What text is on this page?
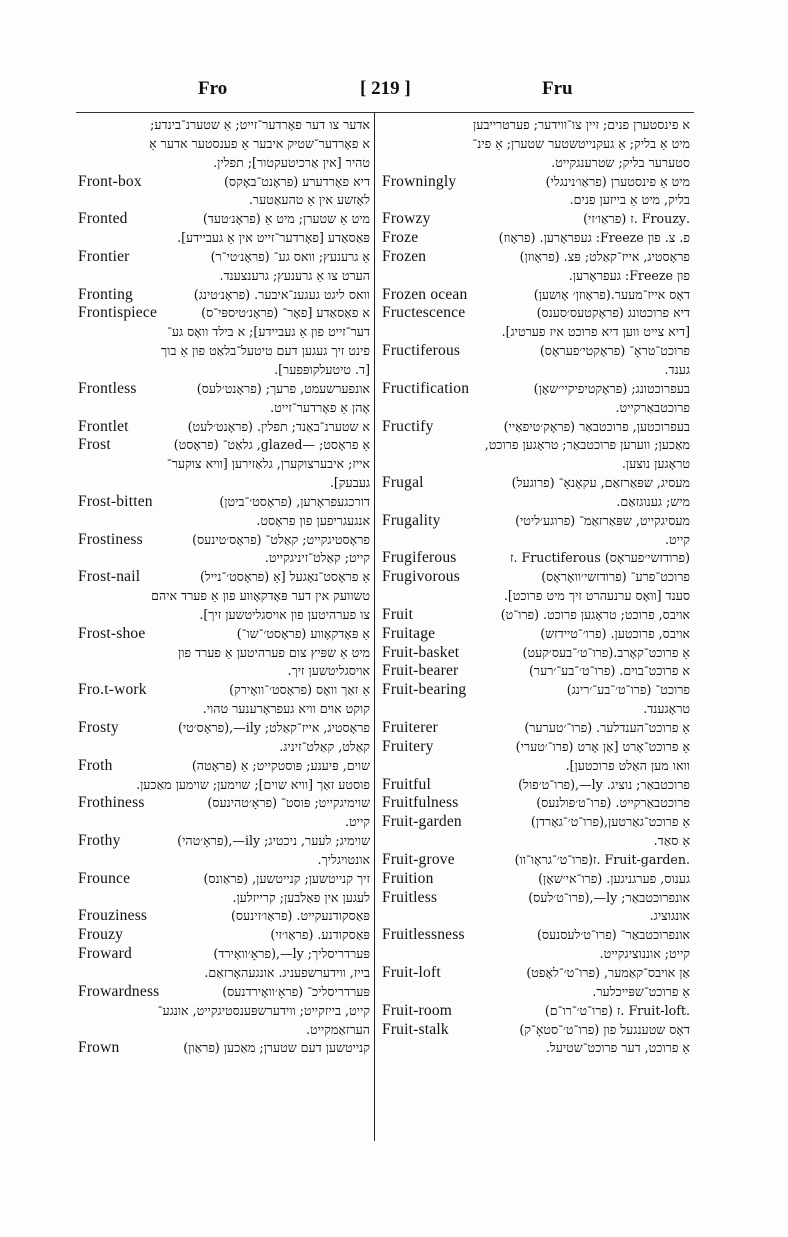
Fro	[ 219 ]	Fru
אדער צו דער פאָרדער־זייט; אַ שטערנ־בינדע;
א פאָרדער־שטיק איבער אַ פענסטער אדער אַ
טהיר [אין אַרכיטעקטור]; תפלין.
Front-box	דיא פאָרדערע (פראָנט־באָקס)
לאָזשע אין אַ טהעאַטער.
Fronted	מיט אַ שטערן; מיט אַ (פראָנ׳טעד)
פּאַסאַדע [פאָרדער־זייט אין אַ געביידע].
Frontier	אַ גרענעץ; וואס גע־ (פראָנ׳טי־ר)
הערט צו אַ גרענעץ; גרענצענד.
Fronting	וואס ליגט געגענ־איבער. (פראָנ׳טינג)
Frontispiece	א פאַסאַדע [פאָר־ (פראָנ׳טיספּי־ס)
דער־זייט פון אַ געביידע]; א בילד וואָס גע־
פינט זיך געגען דעם טיטעל־בלאַט פון אַ בוך
[ד. טיטעלקופּפער].
Frontless	אונפערשעמט, פרעך; (פראָנט׳לעס)
אָהן אַ פאָרדער־זייט.
Frontlet	א שטערנ־באַנד; תפלין. (פראָנט׳לעט)
Frost	אַ פראָסט; —glazed, גלאַט־ (פראָסט)
אייז; איבערצוקערן, גלאַזירען [וויא צוקער־
געבעק].
Frost-bitten	דורכגעפראָרען, (פראָסט׳־ביטן)
אנגעגריפען פון פראָסט.
Frostiness	פראָסטיגקייט; קאַלט־ (פראָס׳טינעס)
קייט; קאַלט־זיניגקייט.
Frost-nail	אַ פראָסט־נאָגעל [אַ (פראָסט׳־נייל)
טשוועק אין דער פּאָדקאָווע פון אַ פערד איהם
צו פערהיטען פון אויסגליטשען זיך].
Frost-shoe	אַ פּאָדקאָווע (פראָסט׳־שו־)
מיט אַ שפּיץ צום פערהיטען אַ פערד פון
אויסגליטשען זיך.
Fro.t-work	אַ זאַך וואָס (פראָסט׳־וואָירק)
קוקט אוים וויא געפראָרענער טהוי.
Frosty	פראָסטיג, אייז־קאַלט; ily—,(פראָס׳טי)
קאַלט, קאַלט־זיניג.
Froth	שוים, פּיענע; פּוסטקייט; אַ (פראָטה)
פוסטע זאַך [וויא שוים]; שוימען; שוימען מאַכען.
Frothiness	שוימיגקייט; פּוסט־ (פראָ׳טהינעס)
קייט.
Frothy	שוימיג; לעער, ניכטיג; ily—,(פראָ׳טהי)
אונטויגליך.
Frounce	זיך קנייטשען; קנייטשען, (פראַונס)
לעגען אין פאַלבען; קרייזלען.
Frouziness	פּאַסקודנעקייט. (פראַו׳זינעס)
Frouzy	פּאַסקודנע. (פראַו׳זי)
Froward	פּערדריסליך; ly—,(פראָ׳וואָירד)
בייז, ווידערשפעניג. אונגעהאָרזאַם.
Frowardness	פּערדריסליכ־ (פראָ׳וואָירדנעס)
קייט, בייזקייט; ווידערשפּענסטיגקייט, אונגע־
הערזאַמקייט.
Frown	קנייטשען דעם שטערן; מאַכען (פראַון)
א פינסטערן פנים; זיין צו־ווידער; פערטרייבען
מיט אַ בליק; אַ געקנייטשטער שטערן; אַ פינ־
סטערער בליק; שטרענגקייט.
Frowningly	מיט אַ פינסטערן (פראַו׳נינגלי)
בליק, מיט אַ בייזען פנים.
Frowzy	.Frouzy .ז (פראַו׳זי)
Froze	פ. צ. פון Freeze: געפראָרען. (פראָוז)
Frozen	פראָסטיג, אייז־קאַלט; פּצ. (פראָוזן)
פון Freeze: געפראָרען.
Frozen ocean	דאָס אייז־מעער.(פראָוזן׳ אָושען)
Fructescence	דיא פרוכטונג (פראָקטעס׳סענס)
[דיא צייט ווען דיא פרוכט איז פערטיג].
Fructiferous	פרוכט־טראָ־ (פראָקטי׳פעראָס)
גענד.
Fructification	בעפרוכטונג; (פראָקטיפיקיי׳שאָן)
פרוכטבאַרקייט.
Fructify	בעפרוכטען, פרוכטבאַר (פראָק׳טיפאַיי)
מאַכען; ווערען פרוכטבאַר; טראָגען פרוכט,
טראָגען נוצען.
Frugal	מעסיג, שפּאַרזאַם, עקאָנאָ־ (פרוגעל)
מיש; גענוגזאַם.
Frugality	מעסיגקייט, שפּאַרזאַמ־ (פרוגע׳ליטי)
קייט.
Frugiferous	(פרודזשי׳פעראָס) Fructiferous .ז
Frugivorous	פרוכט־פרע־ (פרודזשי׳וואָראָס)
סענד [וואָס ערנעהרט זיך מיט פרוכט].
Fruit	אויבס, פרוכט; טראָגען פרוכט. (פרו־ט)
Fruitage	אויבס, פרוכטען. (פרו׳־טיידזש)
Fruit-basket	אַ פרוכט־קאָרב.(פרו־ט׳־בעס׳קעט)
Fruit-bearer	א פרוכט־בוים. (פרו־ט׳־בע־׳רער)
Fruit-bearing	פרוכט־ (פרו־ט׳־בע־׳רינג)
טראָגענד.
Fruiterer	אַ פרוכט־הענדלער. (פרו־׳טערער)
Fruitery	אַ פרוכט־אָרט [אַן אָרט (פרו־׳טערי)
וואו מען האַלט פרוכטען].
Fruitful	פרוכטבאַר; נוציג. ly—,(פרו־ט׳פול)
Fruitfulness	פרוכטבאַרקייט. (פרו־ט׳פולנעס)
Fruit-garden	אַ פרוכט־גאַרטען,(פרו־ט׳־גאַרדן)
אַ סאַד.
Fruit-grove	.Fruit-garden .ז(פרו־ט׳־גראָו־וו)
Fruition	גענוס, פערגניגען. (פרו־אי׳שאָן)
Fruitless	אונפרוכטבאַר; ly—,(פרו־ט׳לעס)
אונגוציג.
Fruitlessness	אונפרוכטבאַר־ (פרו־ט׳לעסנעס)
קייט; אוננוציגקייט.
Fruit-loft	אַן אויבס־קאַמער, (פרו־ט׳־לאָפט)
אַ פרוכט־שפּייכלער.
Fruit-room	.Fruit-loft .ז (פרו־ט׳־רו־ם)
Fruit-stalk	דאָס שטענגעל פון (פרו־ט׳־סטאָ־ק)
אַ פרוכט, דער פרוכט־שטיעל.
